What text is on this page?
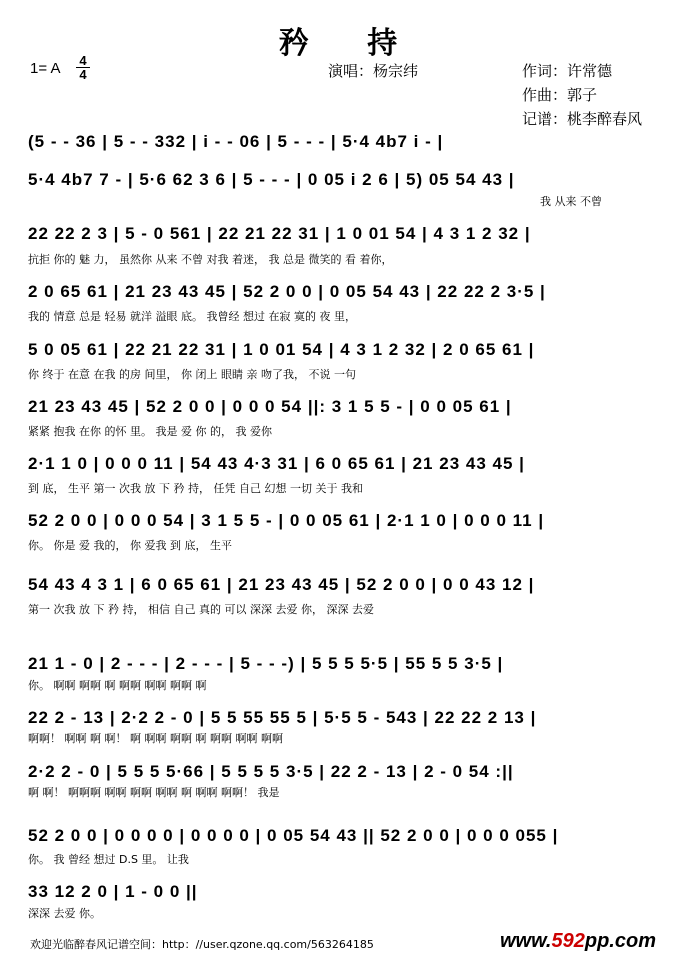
矜 持
1= A 4
4	演唱：杨宗纬	作词：许常德
作曲：郭子
记谱：桃李醉春风
(5 - - 36 | 5 - - 332 | i - - 06 | 5 - - - | 5·4 4b7 i - |
5·4 4b7 7 - | 5·6 62 3 6 | 5 - - - | 0 05 i 2 6 | 5) 05 54 43 |
我 从来 不曾
22 22 2 3 | 5 - 0 561 | 22 21 22 31 | 1 0 01 54 | 4 3 1 2 32 |
抗拒 你的 魅 力， 虽然你 从来 不曾 对我 着迷， 我 总是 微笑的 看 着你，
2 0 65 61 | 21 23 43 45 | 52 2 0 0 | 0 05 54 43 | 22 22 2 3·5 |
我的 情意 总是 轻易 就洋 溢眼 底。 我曾经 想过 在寂 寞的 夜 里，
5 0 05 61 | 22 21 22 31 | 1 0 01 54 | 4 3 1 2 32 | 2 0 65 61 |
你 终于 在意 在我 的房 间里， 你 闭上 眼睛 亲 吻了我， 不说 一句
21 23 43 45 | 52 2 0 0 | 0 0 0 54 ||: 3 1 5 5 - | 0 0 05 61 |
紧紧 抱我 在你 的怀 里。 我是 爱 你 的， 我 爱你
2·1 1 0 | 0 0 0 11 | 54 43 4·3 31 | 6 0 65 61 | 21 23 43 45 |
到 底， 生平 第一 次我 放 下 矜 持， 任凭 自己 幻想 一切 关于 我和
52 2 0 0 | 0 0 0 54 | 3 1 5 5 - | 0 0 05 61 | 2·1 1 0 | 0 0 0 11 |
你。 你是 爱 我的， 你 爱我 到 底， 生平
54 43 4 3 1 | 6 0 65 61 | 21 23 43 45 | 52 2 0 0 | 0 0 43 12 |
第一 次我 放 下 矜 持， 相信 自己 真的 可以 深深 去爱 你， 深深 去爱
21 1 - 0 | 2 - - - | 2 - - - | 5 - - -) | 5 5 5 5·5 | 55 5 5 3·5 |
你。 啊啊 啊啊 啊 啊啊 啊啊 啊啊 啊
22 2 - 13 | 2·2 2 - 0 | 5 5 55 55 5 | 5·5 5 - 543 | 22 22 2 13 |
啊啊！ 啊啊 啊 啊！ 啊 啊啊 啊啊 啊 啊啊 啊啊 啊啊
2·2 2 - 0 | 5 5 5 5·66 | 5 5 5 5 3·5 | 22 2 - 13 | 2 - 0 54 :||
啊 啊！ 啊啊啊 啊啊 啊啊 啊啊 啊 啊啊 啊啊！ 我是
52 2 0 0 | 0 0 0 0 | 0 0 0 0 | 0 05 54 43 || 52 2 0 0 | 0 0 0 055 |
你。 我 曾经 想过 D.S 里。 让我
33 12 2 0 | 1 - 0 0 ||
深深 去爱 你。
欢迎光临醉春风记谱空间：http：//user.qzone.qq.com/563264185	www.592pp.com
